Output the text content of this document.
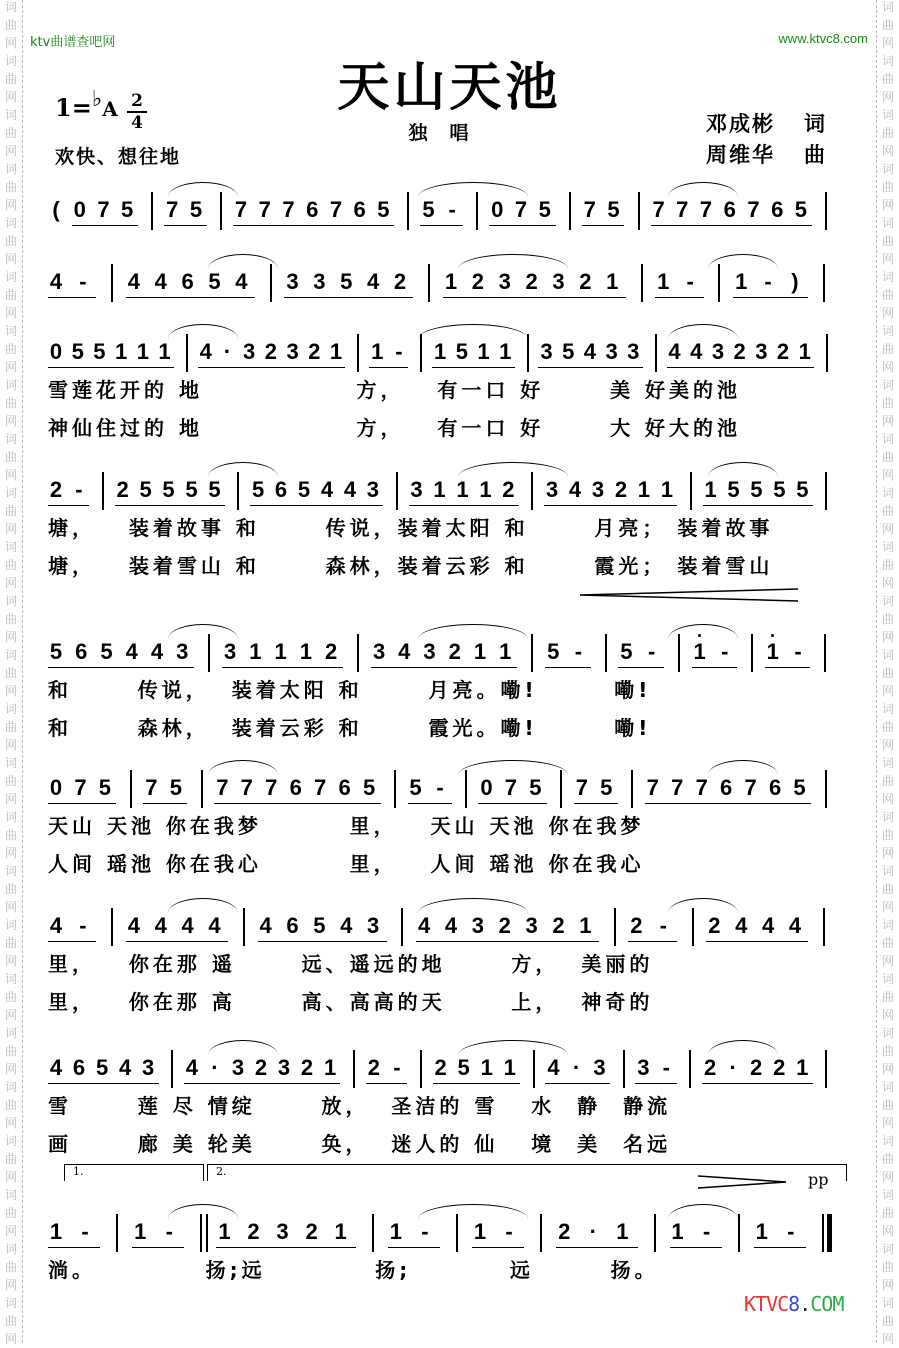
词
曲
网
词
曲
网
词
曲
网
词
曲
网
词
曲
网
词
曲
网
词
曲
网
词
曲
网
词
曲
网
词
曲
网
词
曲
网
词
曲
网
词
曲
网
词
曲
网
词
曲
网
词
曲
网
词
曲
网
词
曲
网
词
曲
网
词
曲
网
词
曲
网
词
曲
网
词
曲
网
词
曲
网
词
曲
网
词
曲
网
词
曲
网
词
曲
网
词
曲
网
词
曲
网
词
曲
网
词
曲
网
词
曲
网
词
曲
网
词
曲
网
词
曲
网
词
曲
网
词
曲
网
词
曲
网
词
曲
网
词
曲
网
词
曲
网
词
曲
网
词
曲
网
词
曲
网
词
曲
网
词
曲
网
词
曲
网
词
曲
网
词
曲
网
ktv曲谱查吧网	www.ktvc8.com
天山天池
独唱
1=♭A 2
4
欢快、想往地
邓成彬 词
周维华 曲
( 0 7 5 7 5 7 7 7 6 7 6 5 5 - 0 7 5 7 5 7 7 7 6 7 6 5
4 - 4 4 6 5 4 3 3 5 4 2 1 2 3 2 3 2 1 1 - 1 - )
0 5 5 1 1 1 4 · 3 2 3 2 1 1 - 1 5 1 1 3 5 4 3 3 4 4 3 2 3 2 1
雪莲花开的 地              方，   有一口 好      美 好美的池
神仙住过的 地              方，   有一口 好      大 好大的池
2 - 2 5 5 5 5 5 6 5 4 4 3 3 1 1 1 2 3 4 3 2 1 1 1 5 5 5 5
塘，   装着故事 和      传说，装着太阳 和      月亮； 装着故事
塘，   装着雪山 和      森林，装着云彩 和      霞光； 装着雪山
5 6 5 4 4 3 3 1 1 1 2 3 4 3 2 1 1 5 - 5 - 1 - 1 -
和      传说，  装着太阳 和      月亮。嘞!       嘞!
和      森林，  装着云彩 和      霞光。嘞!       嘞!
0 7 5 7 5 7 7 7 6 7 6 5 5 - 0 7 5 7 5 7 7 7 6 7 6 5
天山 天池 你在我梦        里，   天山 天池 你在我梦
人间 瑶池 你在我心        里，   人间 瑶池 你在我心
4 - 4 4 4 4 4 6 5 4 3 4 4 3 2 3 2 1 2 - 2 4 4 4
里，   你在那 遥      远、遥远的地      方，  美丽的
里，   你在那 高      高、高高的天      上，  神奇的
4 6 5 4 3 4 · 3 2 3 2 1 2 - 2 5 1 1 4 · 3 3 - 2 · 2 2 1
雪      莲 尽 情绽      放，  圣洁的 雪   水  静  静流
画      廊 美 轮美      奂，  迷人的 仙   境  美  名远
1 - 1 - 1 2 3 2 1 1 - 1 - 2 · 1 1 - 1 -
淌。          扬;远          扬;         远       扬。
1.	2.	pp
KTVC8.COM
